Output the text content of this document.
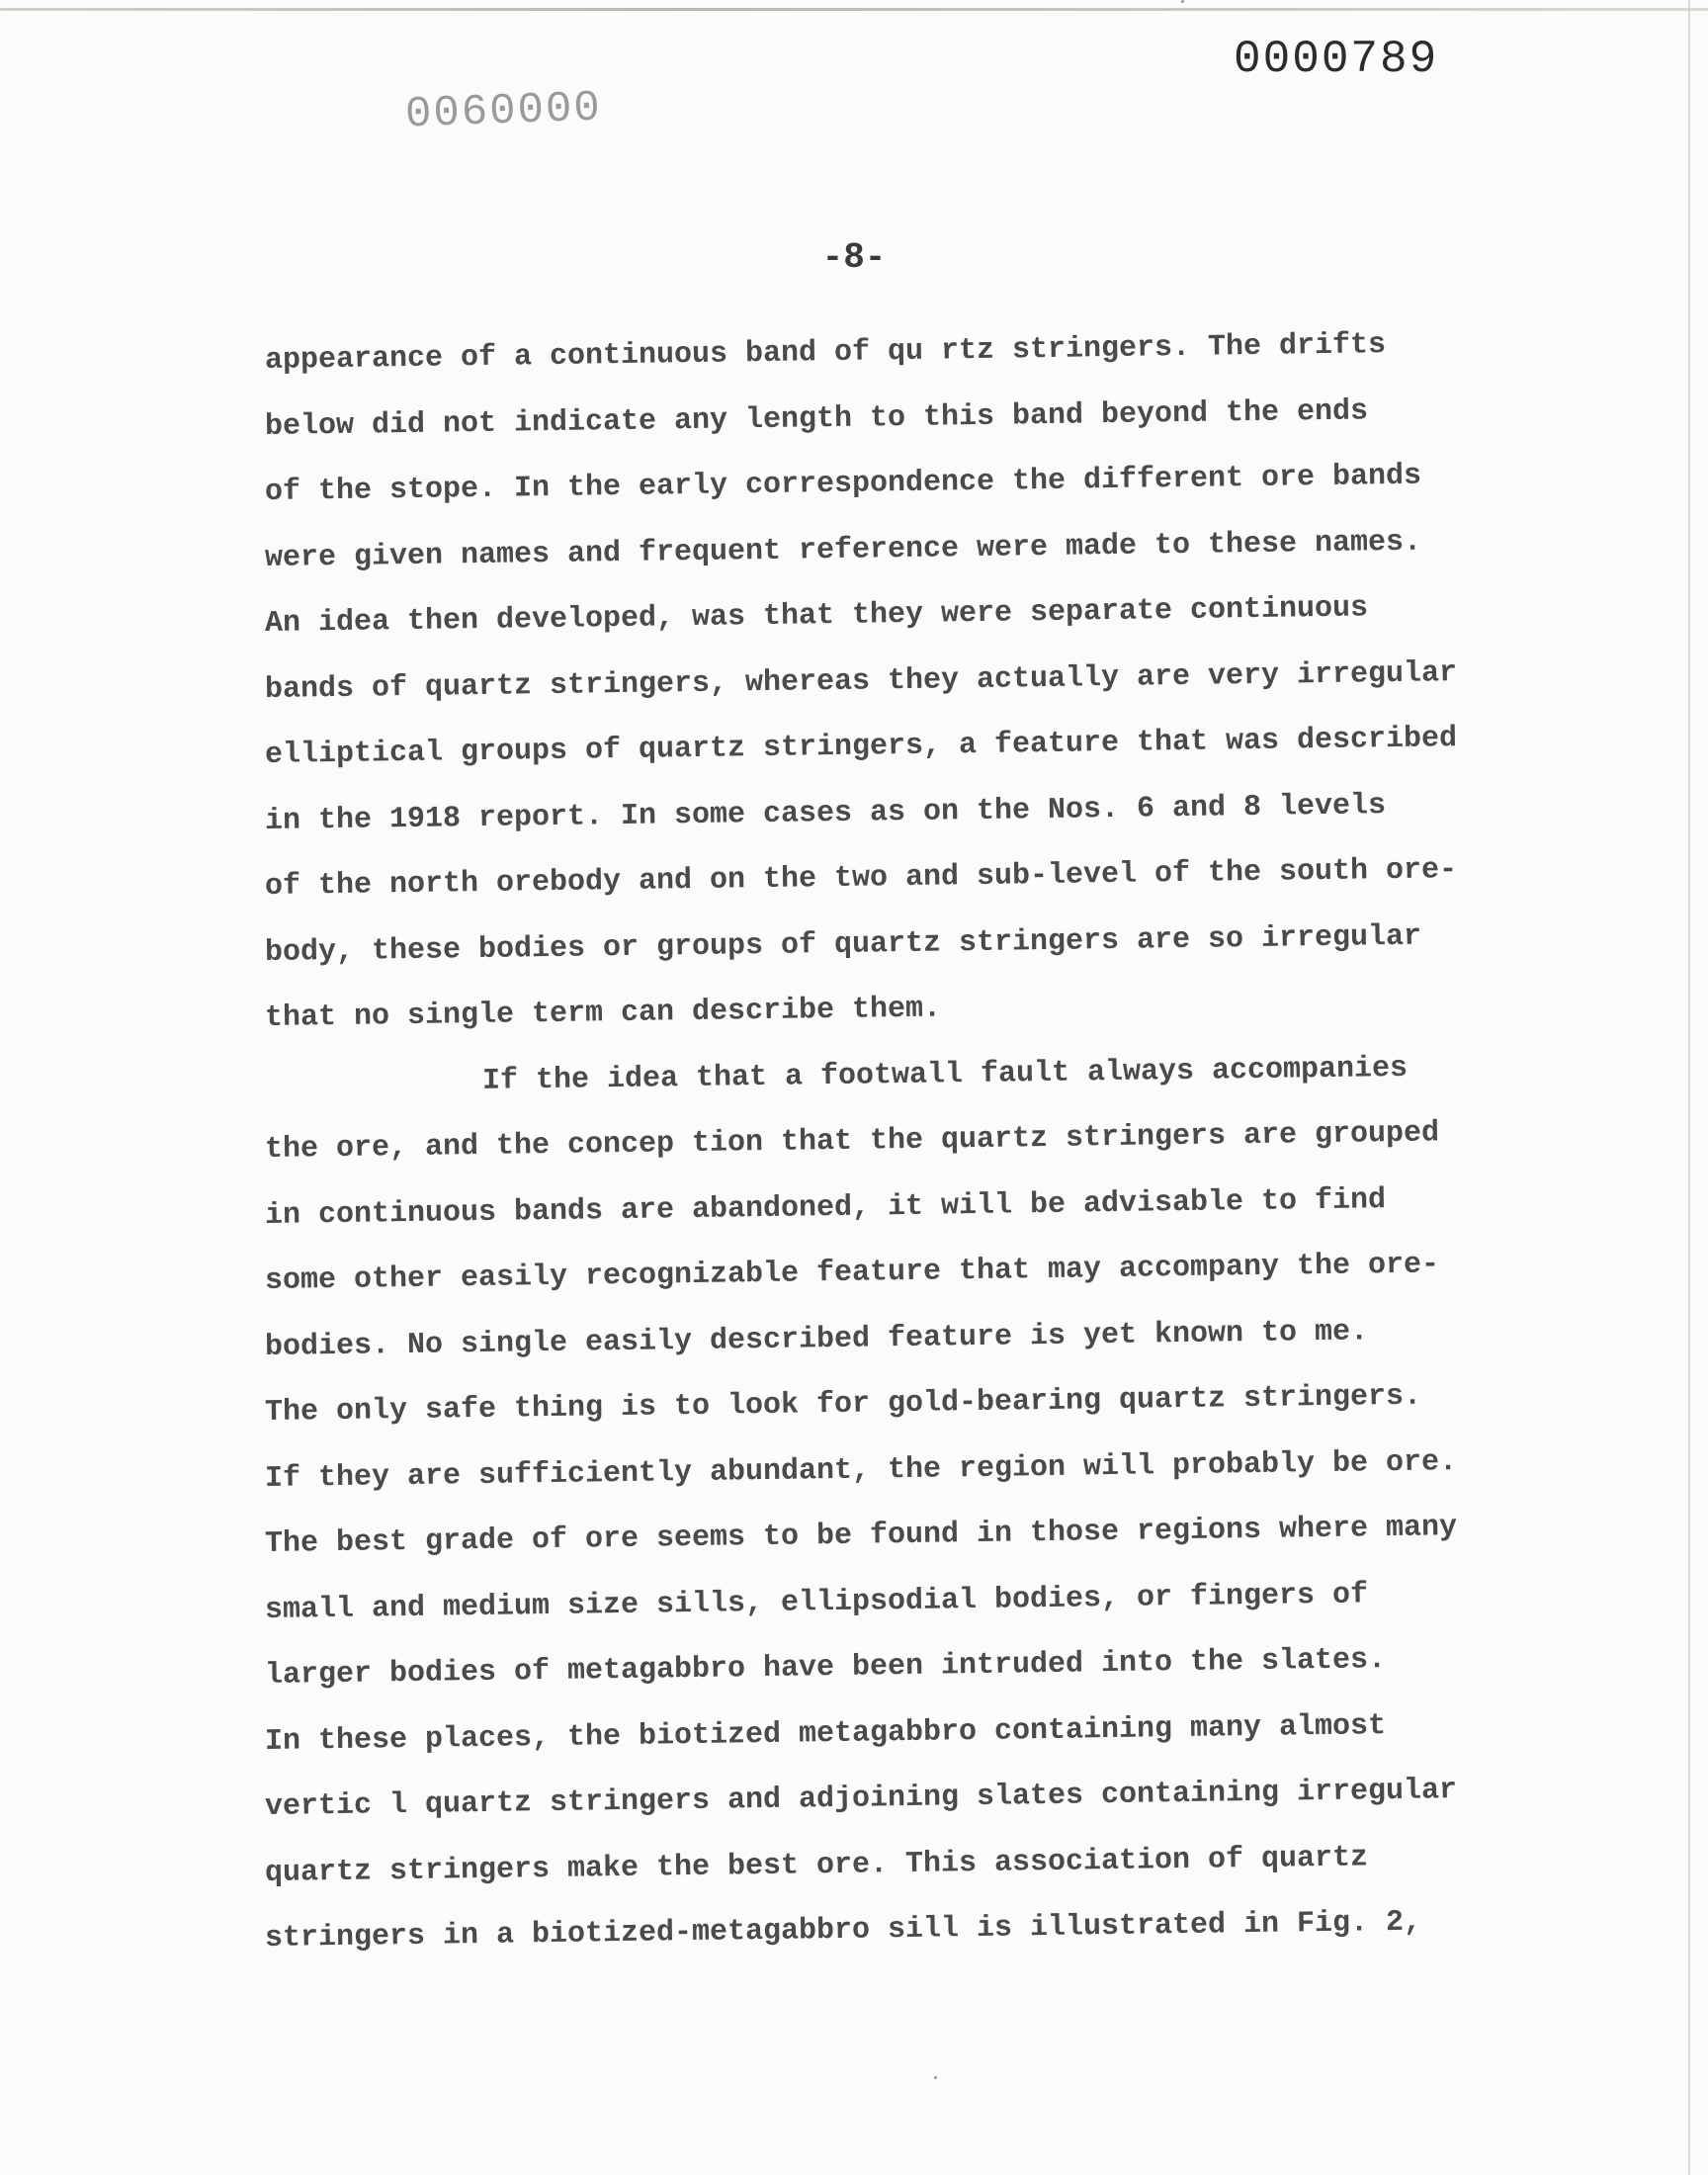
0000789
0060000
-8-
appearance of a continuous band of qu rtz stringers. The drifts
below did not indicate any length to this band beyond the ends
of the stope. In the early correspondence the different ore bands
were given names and frequent reference were made to these names.
An idea then developed, was that they were separate continuous
bands of quartz stringers, whereas they actually are very irregular
elliptical groups of quartz stringers, a feature that was described
in the 1918 report. In some cases as on the Nos. 6 and 8 levels
of the north orebody and on the two and sub-level of the south ore-
body, these bodies or groups of quartz stringers are so irregular
that no single term can describe them.
If the idea that a footwall fault always accompanies
the ore, and the concep tion that the quartz stringers are grouped
in continuous bands are abandoned, it will be advisable to find
some other easily recognizable feature that may accompany the ore-
bodies. No single easily described feature is yet known to me.
The only safe thing is to look for gold-bearing quartz stringers.
If they are sufficiently abundant, the region will probably be ore.
The best grade of ore seems to be found in those regions where many
small and medium size sills, ellipsodial bodies, or fingers of
larger bodies of metagabbro have been intruded into the slates.
In these places, the biotized metagabbro containing many almost
vertic l quartz stringers and adjoining slates containing irregular
quartz stringers make the best ore. This association of quartz
stringers in a biotized-metagabbro sill is illustrated in Fig. 2,
